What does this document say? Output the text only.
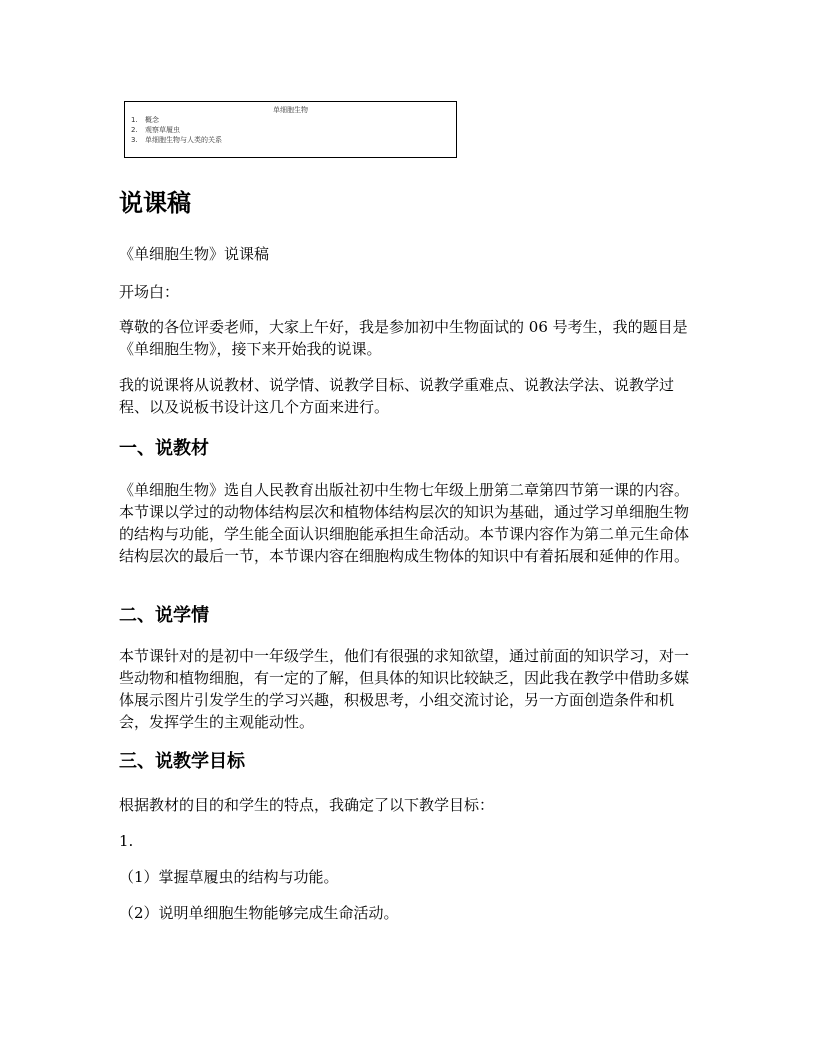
单细胞生物
1. 概念
2. 观察草履虫
3. 单细胞生物与人类的关系
说课稿

《单细胞生物》说课稿

开场白：

尊敬的各位评委老师，大家上午好，我是参加初中生物面试的 06 号考生，我的题目是《单细胞生物》，接下来开始我的说课。

我的说课将从说教材、说学情、说教学目标、说教学重难点、说教法学法、说教学过程、以及说板书设计这几个方面来进行。

一、说教材

《单细胞生物》选自人民教育出版社初中生物七年级上册第二章第四节第一课的内容。本节课以学过的动物体结构层次和植物体结构层次的知识为基础，通过学习单细胞生物的结构与功能，学生能全面认识细胞能承担生命活动。本节课内容作为第二单元生命体结构层次的最后一节，本节课内容在细胞构成生物体的知识中有着拓展和延伸的作用。

二、说学情

本节课针对的是初中一年级学生，他们有很强的求知欲望，通过前面的知识学习，对一些动物和植物细胞，有一定的了解，但具体的知识比较缺乏，因此我在教学中借助多媒体展示图片引发学生的学习兴趣，积极思考，小组交流讨论，另一方面创造条件和机会，发挥学生的主观能动性。

三、说教学目标

根据教材的目的和学生的特点，我确定了以下教学目标：

1.

（1）掌握草履虫的结构与功能。

（2）说明单细胞生物能够完成生命活动。
